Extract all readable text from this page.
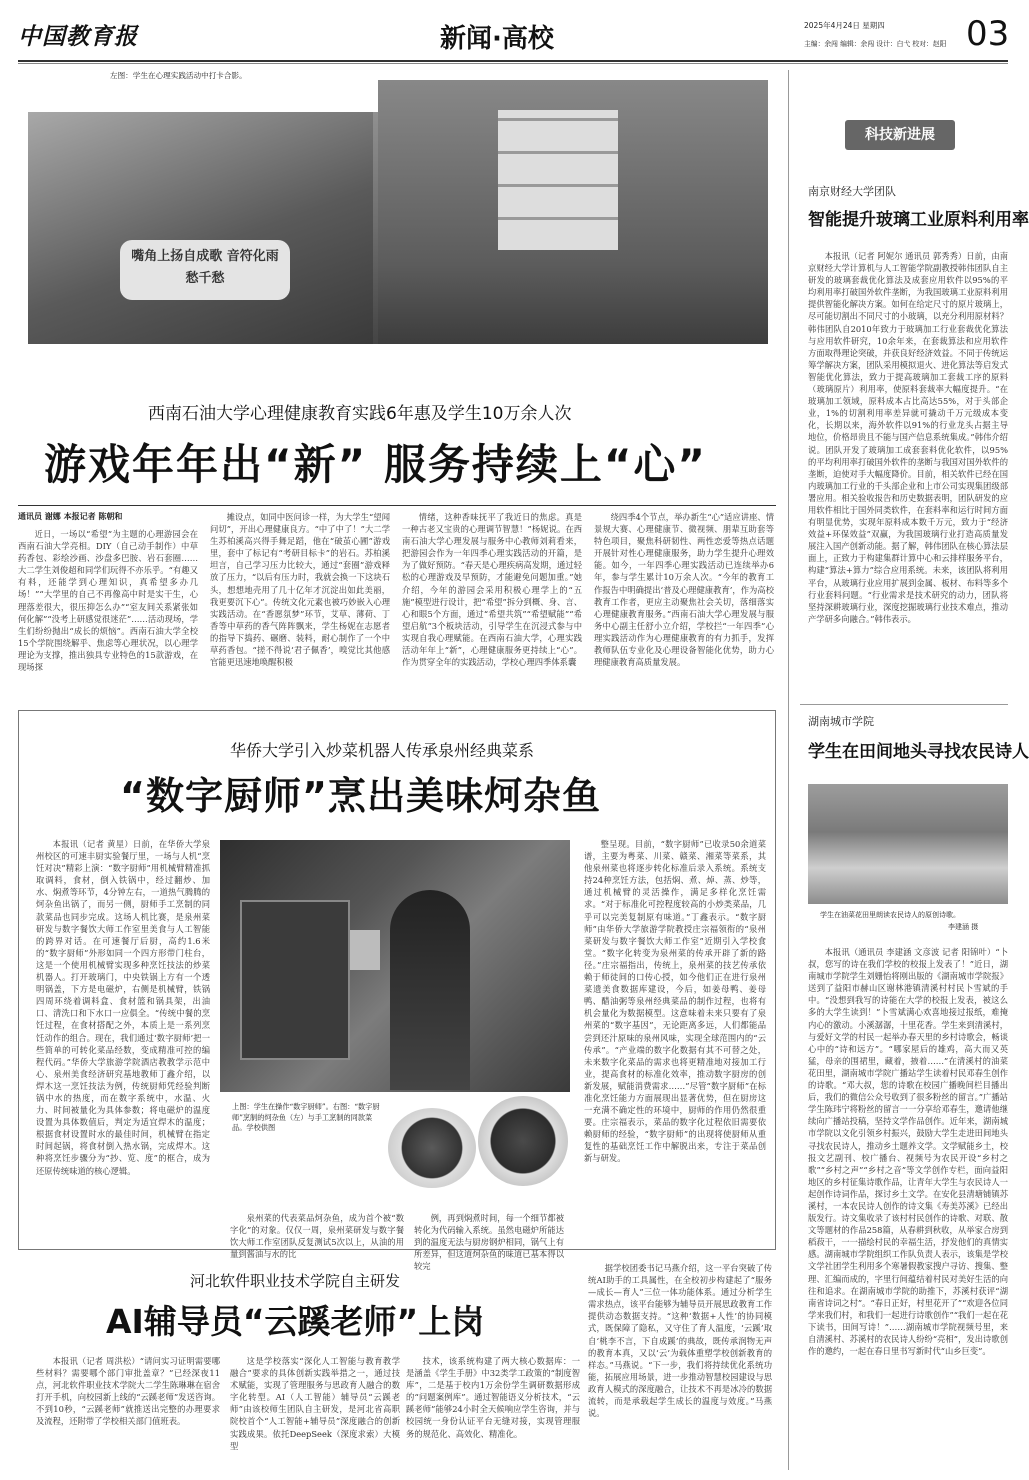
中国教育报	新闻·高校	2025年4月24日 星期四
主编：余闯 编辑：余闯 设计：白弋 校对：赵阳 03
左图：学生在心理实践活动中打卡合影。
嘴角上扬自成歌 音符化雨愁千愁
西南石油大学心理健康教育实践6年惠及学生10万余人次
游戏年年出“新” 服务持续上“心”
通讯员 谢娜 本报记者 陈朝和

近日，一场以“希望”为主题的心理游园会在西南石油大学亮相。DIY（自己动手制作）中草药香包、彩绘沙画、沙盘多巴胺、岩石套圈……大二学生刘俊超和同学们玩得不亦乐乎。“有趣又有料，还能学到心理知识，真希望多办几场！”“大学里的自己不再像高中时是实干生，心理落差很大，很压抑怎么办”“室友间关系紧张如何化解”“没考上研感觉很迷茫”……活动现场，学生们纷纷抛出“成长的烦恼”。西南石油大学全校15个学院围绕解乎、焦虑等心理状况，以心理学理论为支撑，推出独具专业特色的15款游戏，在现场探

摊设点，如同中医问诊一样，为大学生“望闻问切”，开出心理健康良方。“中了中了！”大二学生苏柏溪高兴得手舞足蹈，他在“破茧心圃”游戏里，套中了标记有“考研目标卡”的岩石。苏柏溪坦言，自己学习压力比较大，通过“套圈”游戏释放了压力，“以后有压力时，我就会换一下这块石头，想想地壳用了几十亿年才沉淀出如此美丽，我更要沉下心”。传统文化元素也被巧妙嵌入心理实践活动。在“香愿氛梦”环节，艾草、薄荷、丁香等中草药的香气阵阵飘来，学生杨妮在志愿者的指导下捣药、碾磨、装料，耐心制作了一个中草药香包。“搓不得说‘君子佩香’，嗅觉比其他感官能更迅速地唤醒积极

情绪，这种香味抚平了我近日的焦虑。真是一种古老又宝贵的心理调节智慧！”杨妮说。在西南石油大学心理发展与服务中心教师刘莉看来，把游园会作为一年四季心理实践活动的开篇，是为了做好预防。“春天是心理疾病高发期，通过轻松的心理游戏及早预防，才能避免问题加重。”她介绍，今年的游园会采用积极心理学上的“五施”模型进行设计，把“希望”拆分到概、身、言、心和眼5个方面，通过“希望共筑”“希望赋能”“希望启航”3个板块活动，引导学生在沉浸式参与中实现自我心理赋能。在西南石油大学，心理实践活动年年上“新”，心理健康服务更持续上“心”。作为贯穿全年的实践活动，学校心理四季体系囊

绕四季4个节点，举办新生“心”适应讲座、情景规大赛、心理健康节、微视频、朋辈互助套等特色项目，聚焦科研韧性、两性恋爱等热点话题开展针对性心理健康服务，助力学生提升心理效能。如今，一年四季心理实践活动已连续举办6年，参与学生累计10万余人次。“今年的教育工作报告中明确提出‘普及心理健康教育’，作为高校教育工作者，更应主动聚焦社会关切，落细落实心理健康教育服务。”西南石油大学心理发展与服务中心副主任舒小立介绍，学校拦“一年四季”心理实践活动作为心理健康教育的有力抓手，发挥教师队伍专业化及心理设备智能化优势，助力心理健康教育高质量发展。

科技新进展
南京财经大学团队
智能提升玻璃工业原料利用率

本报讯（记者 阿妮尔 通讯员 郭秀秀）日前，由南京财经大学计算机与人工智能学院副教授韩伟团队自主研发的玻璃套裁优化算法及成套应用软件以95%的平均利用率打破国外软件垄断，为我国玻璃工业原料利用提供智能化解决方案。如何在给定尺寸的原片玻璃上，尽可能切割出不同尺寸的小玻璃，以充分利用原材料？韩伟团队自2010年致力于玻璃加工行业套裁优化算法与应用软件研究，10余年来，在套裁算法和应用软件方面取得理论突破，并获良好经济效益。不同于传统运筹学解决方案，团队采用模拟退火、进化算法等启发式智能优化算法，致力于提高玻璃加工套裁工序的原料（玻璃原片）利用率，使原料套裁率大幅度提升。“在玻璃加工领域，原料成本占比高达55%，对于头部企业，1%的切割利用率差异就可撬动千万元级成本变化，长期以来，海外软件以91%的行业龙头占据主导地位，价格昂贵且不能与国产信息系统集成。”韩伟介绍说。团队开发了玻璃加工成套套料优化软件，以95%的平均利用率打破国外软件的垄断与我国对国外软件的垄断，迫使对手大幅度降价。目前，相关软件已经在国内玻璃加工行业的千头部企业和上市公司实现集团级部署应用。相关验收报告和历史数据表明，团队研发的应用软件相比于国外同类软件，在套料率和运行时间方面有明显优势，实现年原料成本数千万元，致力于“经济效益+环保效益”双赢，为我国玻璃行业打造高质量发展注入国产创新动能。据了解，韩伟团队在核心算法层面上，正致力于构建集群计算中心和云排样服务平台，构建“算法+算力”综合应用系统。未来，该团队将利用平台，从玻璃行业应用扩展到金属、板材、布料等多个行业套料问题。“行业需求是技术研究的动力，团队将坚持深耕玻璃行业，深度挖掘玻璃行业技术难点，推动产学研多向融合。”韩伟表示。

湖南城市学院
学生在田间地头寻找农民诗人
学生在油菜花田里朗读农民诗人的原创诗歌。
李建涵 摄

本报讯（通讯员 李建涵 文彦波 记者 阳锦叶）“卜叔，您写的诗在我们学校的校报上发表了！”近日，湖南城市学院学生刘姗怡将刚出版的《湖南城市学院报》送到了益阳市赫山区谢林港镇清溪村村民卜雪斌的手中。“没想到我写的诗能在大学的校报上发表，被这么多的大学生读到！”卜雪斌满心欢喜地接过报纸，难掩内心的激动。小溪潺潺，十里花香。学生来到清溪村，与爱好文学的村民一起举办春天里的乡村诗歌会，畅谈心中的“诗和远方”。“哪家屋后的雄鸡，高大而又英猛，母亲的围裙里，藏着，掖着……”在清溪村的油菜花田里，湖南城市学院广播站学生读着村民邓春生创作的诗歌。“邓大叔，您的诗歌在校园广播晚间栏目播出后，我们的微信公众号收到了很多粉丝的留言。”广播站学生陈玮宁将粉丝的留言一一分享给邓春生，邀请他继续向广播站投稿，坚持文学作品创作。近年来，湖南城市学院以文化引领乡村振兴，鼓励大学生走进田间地头寻找农民诗人，推动乡土题养文学。文学赋能乡土，校报文艺副刊、校广播台、视频号为农民开设“乡村之歌”“乡村之声”“乡村之音”等文学创作专栏，面向益阳地区的乡村征集诗歌作品，让青年大学生与农民诗人一起创作诗词作品，探讨乡土文学。在安化县清塘铺镇苏溪村，一本农民诗人创作的诗文集《寿美苏溪》已经出版发行。诗文集收录了该村村民创作的诗歌、对联、散文等题材的作品258篇，从春耕到秋收，从举家合房到稻菽干，一一描绘村民的幸福生活，抒发他们的真情实感。湖南城市学院组织工作队负责人表示，该集是学校文学社团学生利用多个寒暑假教家搜户寻访、搜集、整理、汇编而成的，字里行间蕴结着村民对美好生活的向往和追求。在湖南城市学院的助推下，苏溪村获评“湖南省诗词之村”。“春日正好，村里花开了”“欢迎各位同学来我们村，和我们一起进行诗歌创作”“我们一起在花下读书，田间写诗！”……湖南城市学院视频号里，来自清溪村、苏溪村的农民诗人纷纷“亮相”，发出诗歌创作的邀约，一起在春日里书写新时代“山乡巨变”。

华侨大学引入炒菜机器人传承泉州经典菜系
“数字厨师”烹出美味炣杂鱼

本报讯（记者 黄星）日前，在华侨大学泉州校区的可速丰厨实验餐厅里，一场与人机“烹饪对决”精彩上演：“数字厨师”用机械臂精准抓取调料，食材，倒入铁锅中，经过翻炒、加水、焖煮等环节，4分钟左右，一道热气腾腾的炣杂鱼出锅了，而另一侧，厨师手工烹制的同款菜品也同步完成。这场人机比赛，是泉州菜研发与数字餐饮大师工作室里美食与人工智能的跨界对话。在可速餐厅后厨，高约1.6米的“数字厨师”外形如同一个四方形带门柱台，这是一个使用机械臂实现多种烹饪技法的炒菜机器人。打开玻璃门，中央铁锅上方有一个透明锅盖，下方是电磁炉，右侧是机械臂，铁锅四周环绕着调料盒、食材篮和锅具架，出油口、清洗口和下水口一应俱全。“传统中餐的烹饪过程，在食材搭配之外，本质上是一系列烹饪动作的组合。现在，我们通过‘数字厨师’把一些简单的可转化菜品经数，变成精准可控的编程代码。”华侨大学旅游学院酒店教教学示范中心、泉州美食经济研究基地教师丁鑫介绍，以焊木这一烹饪技法为例，传统厨师凭经验判断锅中水的热度，而在数字系统中，水温、火力、时间被量化为具体参数；将电磁炉的温度设置为具体数值后，判定为适宜焊木的温度；根据食材设置时水的最佳时间，机械臂在指定时间起锅，将食材倒入热水锅，完成焊木。这种将烹饪步骤分为“抄、览、度”的框合，成为还原传统味道的核心逻辑。

上图：学生在操作“数字厨师”。右图：“数字厨师”烹制的炣杂鱼（左）与手工烹制的同款菜品。学校供图

泉州菜的代表菜品炣杂鱼，成为首个被“数字化”的对象。仅仅一周，泉州菜研发与数字餐饮大师工作室团队反复测试5次以上，从油的用量到酱油与水的比

例，再到焖煮时间，每一个细节都被转化为代码输入系统。虽然电磁炉所能达到的温度无法与厨房钢炉相同，锅气上有所差异，但这道炣杂鱼的味道已基本得以较完

整呈现。目前，“数字厨师”已收录50余道菜谱，主要为粤菜、川菜、赣菜、湘菜等菜系，其他泉州菜也将逐步转化标准后录入系统。系统支持24种烹饪方法，包括焖、煮、焯、蒸、炒等，通过机械臂的灵活操作，满足多样化烹饪需求。“对于标准化可控程度较高的小炒类菜品，几乎可以完美复制原有味道。”丁鑫表示。“数字厨师”由华侨大学旅游学院教授庄宗福领衔的“泉州菜研发与数字餐饮大师工作室”近期引入学校食堂。“数字化转变为泉州菜的传承开辟了新的路径。”庄宗福指出，传统上，泉州菜的技艺传承依赖于师徒间的口传心授，如今他们正在进行泉州菜遗美食数据库建设，今后，如姜母鸭、姜母鸭、醋油粥等泉州经典菜品的制作过程，也将有机会量化为数据模型。这意味着未来只要有了泉州菜的“数字基因”，无论距离多远，人们都能品尝到还汁原味的泉州风味，实现全球范围内的“云传承”。“产业端的数字化数据有其不可替之处，未来数字化菜品的需求也将更精准地对接加工行业，提高食材的标准化效率，推动数字厨房的创新发展，赋能消费需求……”尽管“数字厨师”在标准化烹饪能力方面展现出显著优势，但在厨房这一充满不确定性的环境中，厨师的作用仍然很重要。庄宗福表示，菜品的数字化过程依旧需要依赖厨师的经验，“数字厨师”的出现将使厨师从重复性的基础烹饪工作中解脱出来，专注于菜品创新与研发。

河北软件职业技术学院自主研发
AI辅导员“云蹊老师”上岗

本报讯（记者 周洪松）“请问实习证明需要哪些材料？需要哪个部门审批盖章？”已经深夜11点，河北软件职业技术学院大二学生陈琳琳在宿舍打开手机，向校园新上线的“云蹊老师”发送咨询。不到10秒，“云蹊老师”就推送出完整的办理要求及流程，还附带了学校相关部门值班表。

这是学校落实“深化人工智能与教育教学融合”要求的具体创新实践举措之一，通过技术赋能，实现了管理服务与思政育人融合的数字化转型。AI（人工智能）辅导员“云蹊老师”由该校师生团队自主研发，是河北省高职院校首个“人工智能+辅导员”深度融合的创新实践成果。依托DeepSeek（深度求索）大模型

技术，该系统构建了两大核心数据库：一是涵盖《学生手册》中32类学工政策的“制度智库”，二是基于校内1万余份学生调研数据形成的“问题案例库”。通过智能语义分析技术，“云蹊老师”能够24小时全天候响应学生咨询，并与校园统一身份认证平台无缝对接，实现管理服务的规范化、高效化、精准化。

据学校团委书记马燕介绍，这一平台突破了传统AI助手的工具属性，在全校初步构建起了“服务—成长—育人”三位一体功能体系。通过分析学生需求热点，该平台能够为辅导员开展思政教育工作提供动态数据支持。“这种‘数据+人性’的协同模式，既保障了隐私，又守住了育人温度，‘云蹊’取自‘桃李不言，下自成蹊’的典故，既传承润物无声的教育本真，又以‘云’为载体重塑学校创新教育的样态。”马燕说。“下一步，我们将持续优化系统功能，拓展应用场景，进一步推动智慧校园建设与思政育人模式的深度融合，让技术不再是冰冷的数据流转，而是承载起学生成长的温度与效度。”马燕说。
